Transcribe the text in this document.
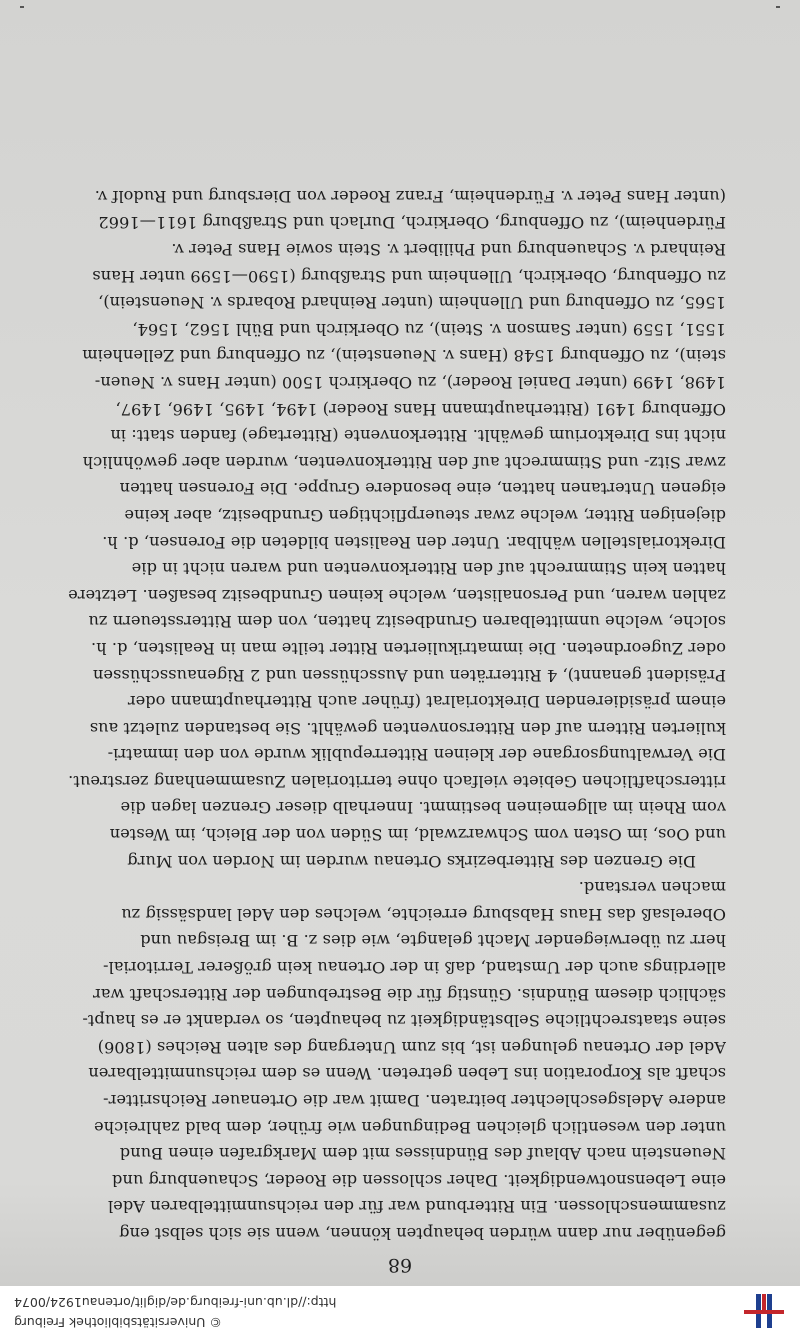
© Universitätsbibliothek Freiburg
http://dl.ub.uni-freiburg.de/diglit/ortenau1924/0074
68
gegenüber nur dann würden behaupten können, wenn sie sich selbst eng
zusammenschlossen. Ein Ritterbund war für den reichsunmittelbaren Adel
eine Lebensnotwendigkeit. Daher schlossen die Roeder, Schauenburg und
Neuenstein nach Ablauf des Bündnisses mit dem Markgrafen einen Bund
unter den wesentlich gleichen Bedingungen wie früher, dem bald zahlreiche
andere Adelsgeschlechter beitraten. Damit war die Ortenauer Reichsritter-
schaft als Korporation ins Leben getreten. Wenn es dem reichsunmittelbaren
Adel der Ortenau gelungen ist, bis zum Untergang des alten Reiches (1806)
seine staatsrechtliche Selbständigkeit zu behaupten, so verdankt er es haupt-
sächlich diesem Bündnis. Günstig für die Bestrebungen der Ritterschaft war
allerdings auch der Umstand, daß in der Ortenau kein größerer Territorial-
herr zu überwiegender Macht gelangte, wie dies z. B. im Breisgau und
Oberelsaß das Haus Habsburg erreichte, welches den Adel landsässig zu
machen verstand.
Die Grenzen des Ritterbezirks Ortenau wurden im Norden von Murg
und Oos, im Osten vom Schwarzwald, im Süden von der Bleich, im Westen
vom Rhein im allgemeinen bestimmt. Innerhalb dieser Grenzen lagen die
ritterschaftlichen Gebiete vielfach ohne territorialen Zusammenhang zerstreut.
Die Verwaltungsorgane der kleinen Ritterrepublik wurde von den immatri-
kulierten Rittern auf den Rittersonventen gewählt. Sie bestanden zuletzt aus
einem präsidierenden Direktorialrat (früher auch Ritterhauptmann oder
Präsident genannt), 4 Ritterräten und Ausschüssen und 2 Rigenausschüssen
oder Zugeordneten. Die immatrikulierten Ritter teilte man in Realisten, d. h.
solche, welche unmittelbaren Grundbesitz hatten, von dem Ritterssteuern zu
zahlen waren, und Personalisten, welche keinen Grundbesitz besaßen. Letztere
hatten kein Stimmrecht auf den Ritterkonventen und waren nicht in die
Direktorialstellen wählbar. Unter den Realisten bildeten die Forensen, d. h.
diejenigen Ritter, welche zwar steuerpflichtigen Grundbesitz, aber keine
eigenen Untertanen hatten, eine besondere Gruppe. Die Forensen hatten
zwar Sitz- und Stimmrecht auf den Ritterkonventen, wurden aber gewöhnlich
nicht ins Direktorium gewählt. Ritterkonvente (Rittertage) fanden statt: in
Offenburg 1491 (Ritterhauptmann Hans Roeder) 1494, 1495, 1496, 1497,
1498, 1499 (unter Daniel Roeder), zu Oberkirch 1500 (unter Hans v. Neuen-
stein), zu Offenburg 1548 (Hans v. Neuenstein), zu Offenburg und Zellenheim
1551, 1559 (unter Samson v. Stein), zu Oberkirch und Bühl 1562, 1564,
1565, zu Offenburg und Ullenheim (unter Reinhard Robards v. Neuenstein),
zu Offenburg, Oberkirch, Ullenheim und Straßburg (1590—1599 unter Hans
Reinhard v. Schauenburg und Philibert v. Stein sowie Hans Peter v.
Fürdenheim), zu Offenburg, Oberkirch, Durlach und Straßburg 1611—1662
(unter Hans Peter v. Fürdenheim, Franz Roeder von Diersburg und Rudolf v.
